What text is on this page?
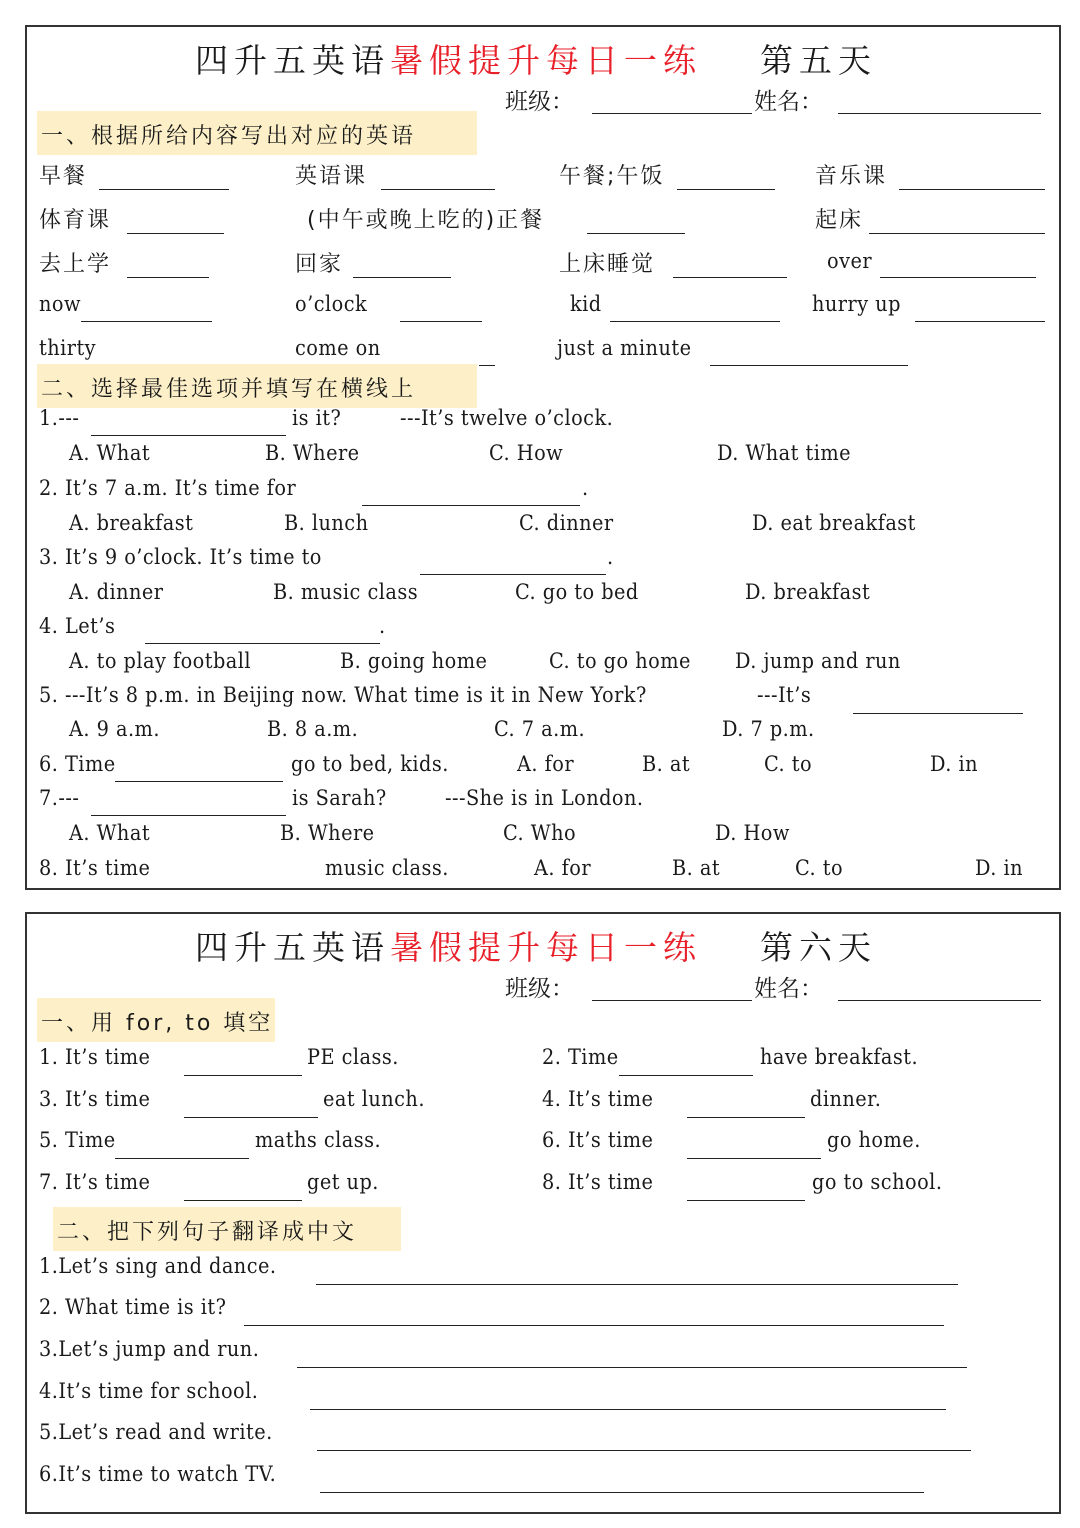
四升五英语暑假提升每日一练 第五天
班级：	姓名：
一、根据所给内容写出对应的英语
早餐	英语课	午餐;午饭	音乐课
体育课	(中午或晚上吃的)正餐	起床
去上学	回家	上床睡觉	over
now	o’clock	kid	hurry up
thirty	come on	just a minute
二、选择最佳选项并填写在横线上
1.---	is it?	---It’s twelve o’clock.
A. What	B. Where	C. How	D. What time
2. It’s 7 a.m. It’s time for	.
A. breakfast	B. lunch	C. dinner	D. eat breakfast
3. It’s 9 o’clock. It’s time to	.
A. dinner	B. music class	C. go to bed	D. breakfast
4. Let’s	.
A. to play football	B. going home	C. to go home D. jump and run
5. ---It’s 8 p.m. in Beijing now. What time is it in New York?	---It’s
A. 9 a.m.	B. 8 a.m.	C. 7 a.m.	D. 7 p.m.
6. Time	go to bed, kids.	A. for	B. at	C. to	D. in
7.---	is Sarah?	---She is in London.
A. What	B. Where	C. Who	D. How
8. It’s time	music class.	A. for	B. at	C. to	D. in
四升五英语暑假提升每日一练 第六天
班级：	姓名：
一、用 for, to 填空
1. It’s time	PE class.	2. Time	have breakfast.
3. It’s time	eat lunch.	4. It’s time	dinner.
5. Time	maths class.	6. It’s time	go home.
7. It’s time	get up.	8. It’s time	go to school.
二、把下列句子翻译成中文
1.Let’s sing and dance.
2. What time is it?
3.Let’s jump and run.
4.It’s time for school.
5.Let’s read and write.
6.It’s time to watch TV.
